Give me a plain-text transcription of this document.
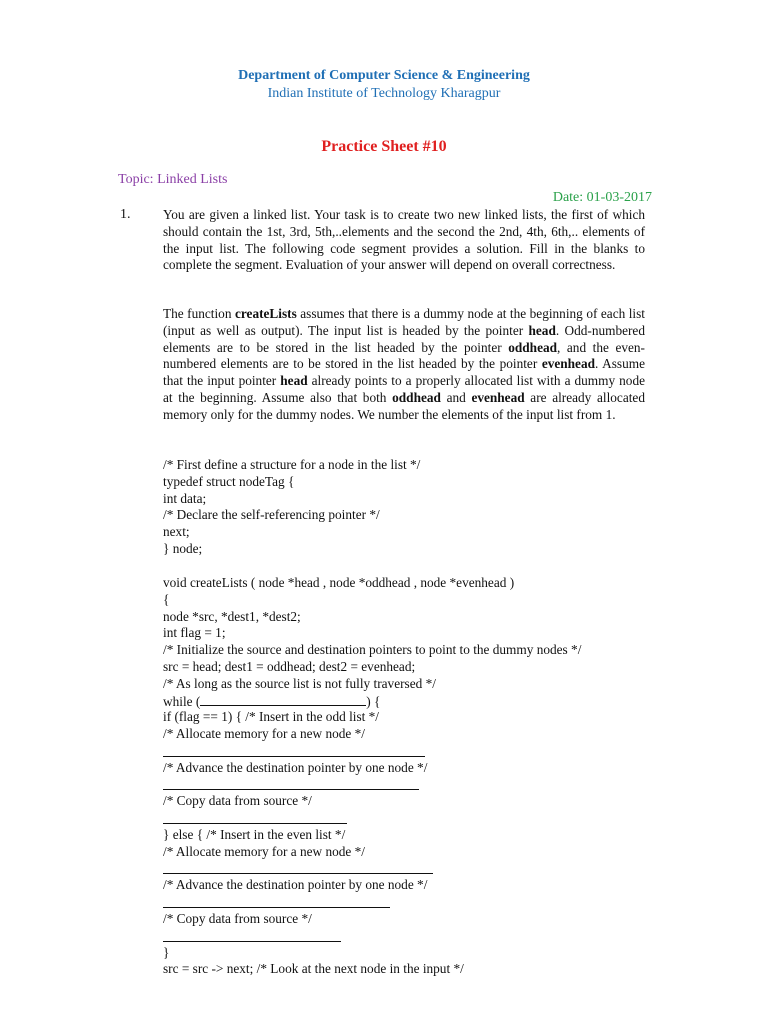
Department of Computer Science & Engineering
Indian Institute of Technology Kharagpur
Practice Sheet #10
Topic: Linked Lists
Date: 01-03-2017
1. You are given a linked list. Your task is to create two new linked lists, the first of which should contain the 1st, 3rd, 5th,..elements and the second the 2nd, 4th, 6th,.. elements of the input list. The following code segment provides a solution. Fill in the blanks to complete the segment. Evaluation of your answer will depend on overall correctness.
The function createLists assumes that there is a dummy node at the beginning of each list (input as well as output). The input list is headed by the pointer head. Odd-numbered elements are to be stored in the list headed by the pointer oddhead, and the even-numbered elements are to be stored in the list headed by the pointer evenhead. Assume that the input pointer head already points to a properly allocated list with a dummy node at the beginning. Assume also that both oddhead and evenhead are already allocated memory only for the dummy nodes. We number the elements of the input list from 1.
/* First define a structure for a node in the list */
typedef struct nodeTag {
int data;
/* Declare the self-referencing pointer */
next;
} node;
void createLists ( node *head , node *oddhead , node *evenhead )
{
node *src, *dest1, *dest2;
int flag = 1;
/* Initialize the source and destination pointers to point to the dummy nodes */
src = head; dest1 = oddhead; dest2 = evenhead;
/* As long as the source list is not fully traversed */
while (	) {
if (flag == 1) { /* Insert in the odd list */
/* Allocate memory for a new node */
/* Advance the destination pointer by one node */
/* Copy data from source */
} else { /* Insert in the even list */
/* Allocate memory for a new node */
/* Advance the destination pointer by one node */
/* Copy data from source */
}
src = src -> next; /* Look at the next node in the input */
